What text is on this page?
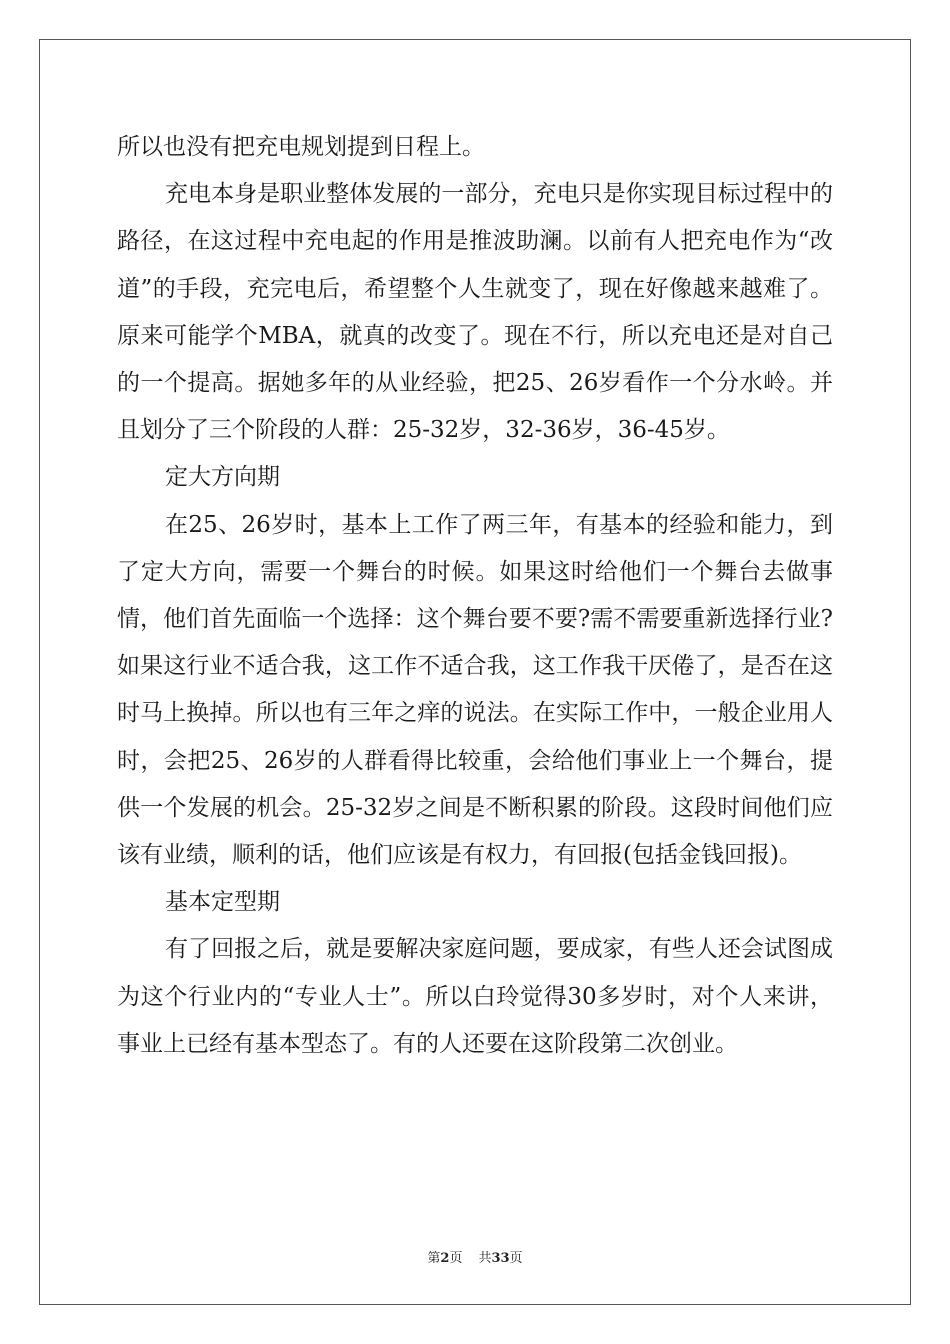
所以也没有把充电规划提到日程上。

充电本身是职业整体发展的一部分，充电只是你实现目标过程中的路径，在这过程中充电起的作用是推波助澜。以前有人把充电作为“改道”的手段，充完电后，希望整个人生就变了，现在好像越来越难了。原来可能学个MBA，就真的改变了。现在不行，所以充电还是对自己的一个提高。据她多年的从业经验，把25、26岁看作一个分水岭。并且划分了三个阶段的人群：25-32岁，32-36岁，36-45岁。

定大方向期

在25、26岁时，基本上工作了两三年，有基本的经验和能力，到了定大方向，需要一个舞台的时候。如果这时给他们一个舞台去做事情，他们首先面临一个选择：这个舞台要不要?需不需要重新选择行业?如果这行业不适合我，这工作不适合我，这工作我干厌倦了，是否在这时马上换掉。所以也有三年之痒的说法。在实际工作中，一般企业用人时，会把25、26岁的人群看得比较重，会给他们事业上一个舞台，提供一个发展的机会。25-32岁之间是不断积累的阶段。这段时间他们应该有业绩，顺利的话，他们应该是有权力，有回报(包括金钱回报)。

基本定型期

有了回报之后，就是要解决家庭问题，要成家，有些人还会试图成为这个行业内的“专业人士”。所以白玲觉得30多岁时，对个人来讲，事业上已经有基本型态了。有的人还要在这阶段第二次创业。

第2页 共33页
